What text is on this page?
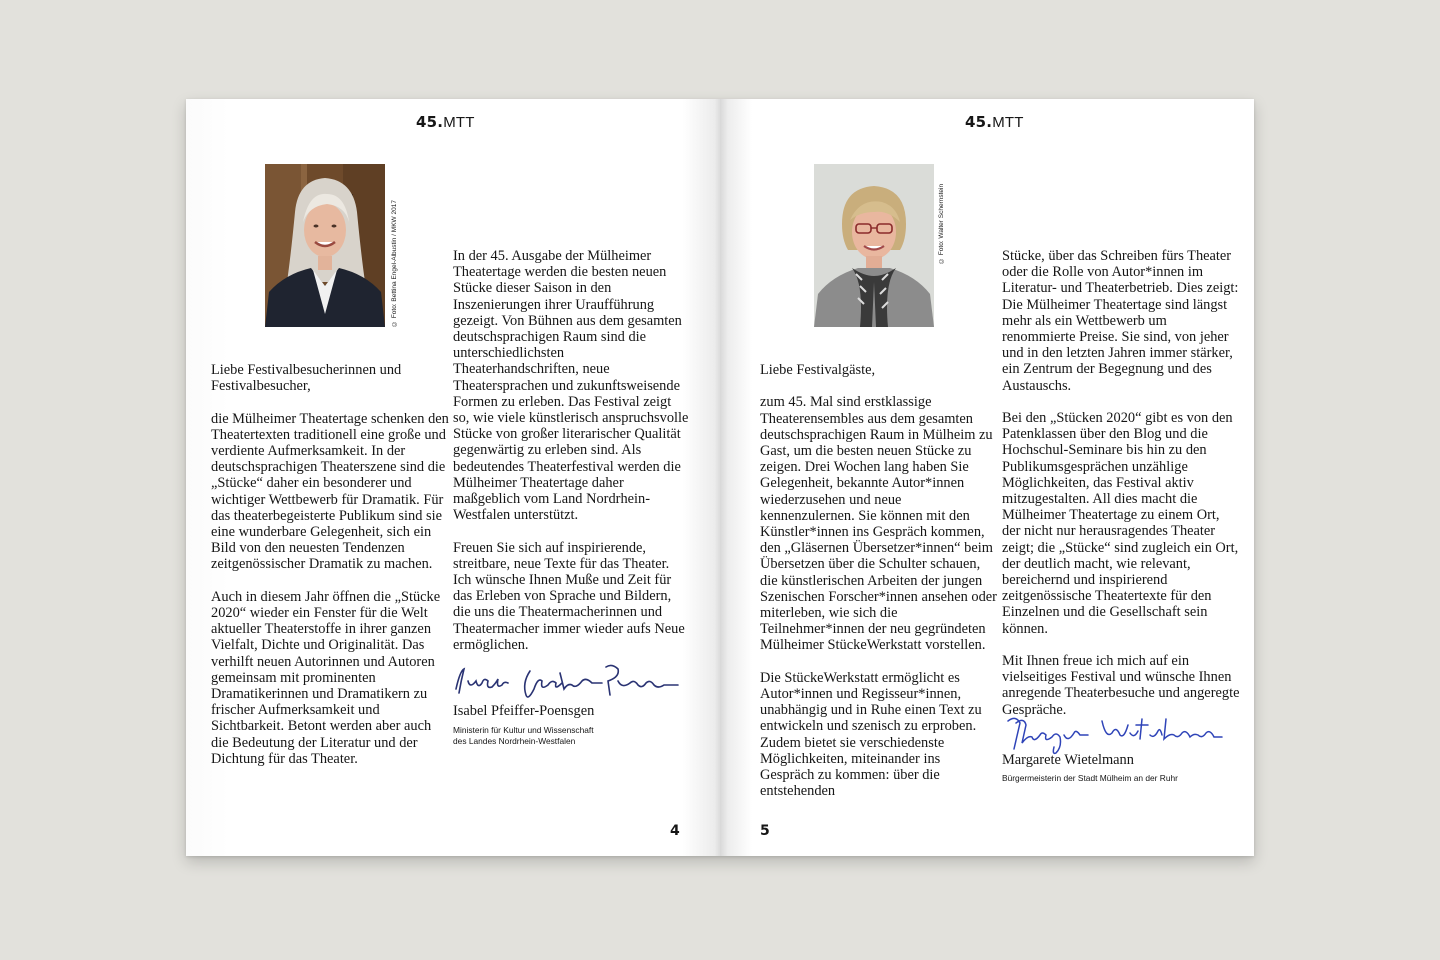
45.MTT
© Foto: Bettina Engel-Albustin / MKW 2017

Liebe Festivalbesucherinnen und Festivalbesucher,

die Mülheimer Theatertage schenken den Theatertexten traditionell eine große und verdiente Aufmerksamkeit. In der deutschsprachigen Theaterszene sind die „Stücke“ daher ein besonderer und wichtiger Wettbewerb für Dramatik. Für das theaterbegeisterte Publikum sind sie eine wunderbare Gelegenheit, sich ein Bild von den neuesten Tendenzen zeitgenössischer Dramatik zu machen.

Auch in diesem Jahr öffnen die „Stücke 2020“ wieder ein Fenster für die Welt aktueller Theaterstoffe in ihrer ganzen Vielfalt, Dichte und Originalität. Das verhilft neuen Autorinnen und Autoren gemeinsam mit prominenten Dramatikerinnen und Dramatikern zu frischer Aufmerksamkeit und Sichtbarkeit. Betont werden aber auch die Bedeutung der Literatur und der Dichtung für das Theater.

In der 45. Ausgabe der Mülheimer Theatertage werden die besten neuen Stücke dieser Saison in den Inszenierungen ihrer Uraufführung gezeigt. Von Bühnen aus dem gesamten deutschsprachigen Raum sind die unterschiedlichsten Theaterhandschriften, neue Theatersprachen und zukunftsweisende Formen zu erleben. Das Festival zeigt so, wie viele künstlerisch anspruchsvolle Stücke von großer literarischer Qualität gegenwärtig zu erleben sind. Als bedeutendes Theaterfestival werden die Mülheimer Theatertage daher maßgeblich vom Land Nordrhein-Westfalen unterstützt.

Freuen Sie sich auf inspirierende, streitbare, neue Texte für das Theater. Ich wünsche Ihnen Muße und Zeit für das Erleben von Sprache und Bildern, die uns die Theatermacherinnen und Theatermacher immer wieder aufs Neue ermöglichen.

Isabel Pfeiffer-Poensgen
Ministerin für Kultur und Wissenschaft
des Landes Nordrhein-Westfalen
4
45.MTT
© Foto: Walter Schernstein

Liebe Festivalgäste,

zum 45. Mal sind erstklassige Theaterensembles aus dem gesamten deutschsprachigen Raum in Mülheim zu Gast, um die besten neuen Stücke zu zeigen. Drei Wochen lang haben Sie Gelegenheit, bekannte Autor*innen wiederzusehen und neue kennenzulernen. Sie können mit den Künstler*innen ins Gespräch kommen, den „Gläsernen Übersetzer*innen“ beim Übersetzen über die Schulter schauen, die künstlerischen Arbeiten der jungen Szenischen Forscher*innen ansehen oder miterleben, wie sich die Teilnehmer*innen der neu gegründeten Mülheimer StückeWerkstatt vorstellen.

Die StückeWerkstatt ermöglicht es Autor*innen und Regisseur*innen, unabhängig und in Ruhe einen Text zu entwickeln und szenisch zu erproben. Zudem bietet sie verschiedenste Möglichkeiten, miteinander ins Gespräch zu kommen: über die entstehenden

Stücke, über das Schreiben fürs Theater oder die Rolle von Autor*innen im Literatur- und Theaterbetrieb. Dies zeigt: Die Mülheimer Theatertage sind längst mehr als ein Wettbewerb um renommierte Preise. Sie sind, von jeher und in den letzten Jahren immer stärker, ein Zentrum der Begegnung und des Austauschs.

Bei den „Stücken 2020“ gibt es von den Patenklassen über den Blog und die Hochschul-Seminare bis hin zu den Publikumsgesprächen unzählige Möglichkeiten, das Festival aktiv mitzugestalten. All dies macht die Mülheimer Theatertage zu einem Ort, der nicht nur herausragendes Theater zeigt; die „Stücke“ sind zugleich ein Ort, der deutlich macht, wie relevant, bereichernd und inspirierend zeitgenössische Theatertexte für den Einzelnen und die Gesellschaft sein können.

Mit Ihnen freue ich mich auf ein vielseitiges Festival und wünsche Ihnen anregende Theaterbesuche und angeregte Gespräche.

Margarete Wietelmann
Bürgermeisterin der Stadt Mülheim an der Ruhr
5
